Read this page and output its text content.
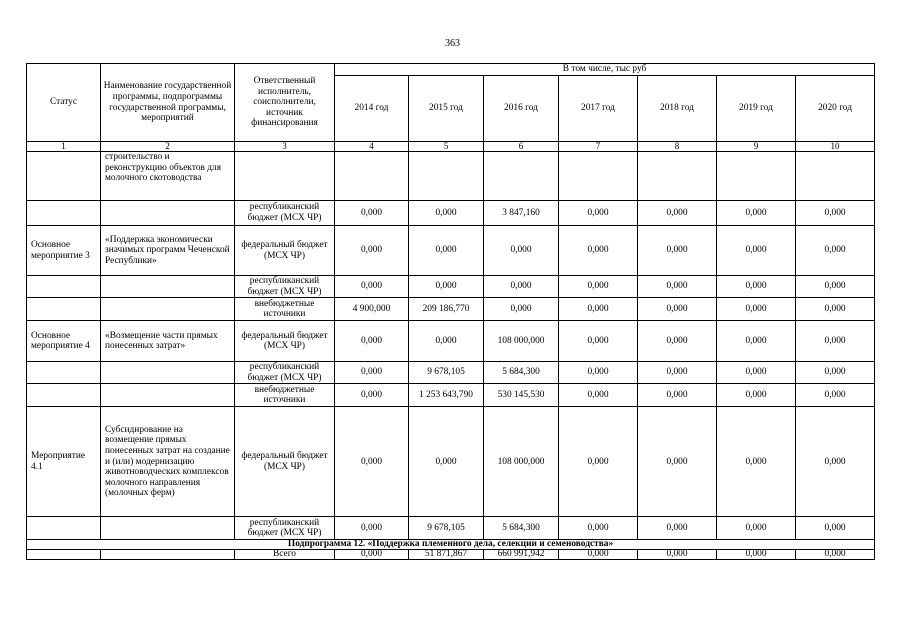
363
Статус	Наименование государственной программы, подпрограммы государственной программы, мероприятий	Ответственный исполнитель, соисполнители, источник финансирования	В том числе, тыс руб						
			2014 год	2015 год	2016 год	2017 год	2018 год	2019 год	2020 год
1	2	3	4	5	6	7	8	9	10
	строительство и реконструкцию объектов для молочного скотоводства								
		республиканский бюджет (МСХ ЧР)	0,000	0,000	3 847,160	0,000	0,000	0,000	0,000
Основное мероприятие 3	«Поддержка экономически значимых программ Чеченской Республики»	федеральный бюджет (МСХ ЧР)	0,000	0,000	0,000	0,000	0,000	0,000	0,000
		республиканский бюджет (МСХ ЧР)	0,000	0,000	0,000	0,000	0,000	0,000	0,000
		внебюджетные источники	4 900,000	209 186,770	0,000	0,000	0,000	0,000	0,000
Основное мероприятие 4	«Возмещение части прямых понесенных затрат»	федеральный бюджет (МСХ ЧР)	0,000	0,000	108 000,000	0,000	0,000	0,000	0,000
		республиканский бюджет (МСХ ЧР)	0,000	9 678,105	5 684,300	0,000	0,000	0,000	0,000
		внебюджетные источники	0,000	1 253 643,790	530 145,530	0,000	0,000	0,000	0,000
Мероприятие 4.1	Субсидирование на возмещение прямых понесенных затрат на создание и (или) модернизацию животноводческих комплексов молочного направления (молочных ферм)	федеральный бюджет (МСХ ЧР)	0,000	0,000	108 000,000	0,000	0,000	0,000	0,000
		республиканский бюджет (МСХ ЧР)	0,000	9 678,105	5 684,300	0,000	0,000	0,000	0,000
Подпрограмма 12. «Поддержка племенного дела, селекции и семеноводства»									
		Всего	0,000	51 871,867	660 991,942	0,000	0,000	0,000	0,000
